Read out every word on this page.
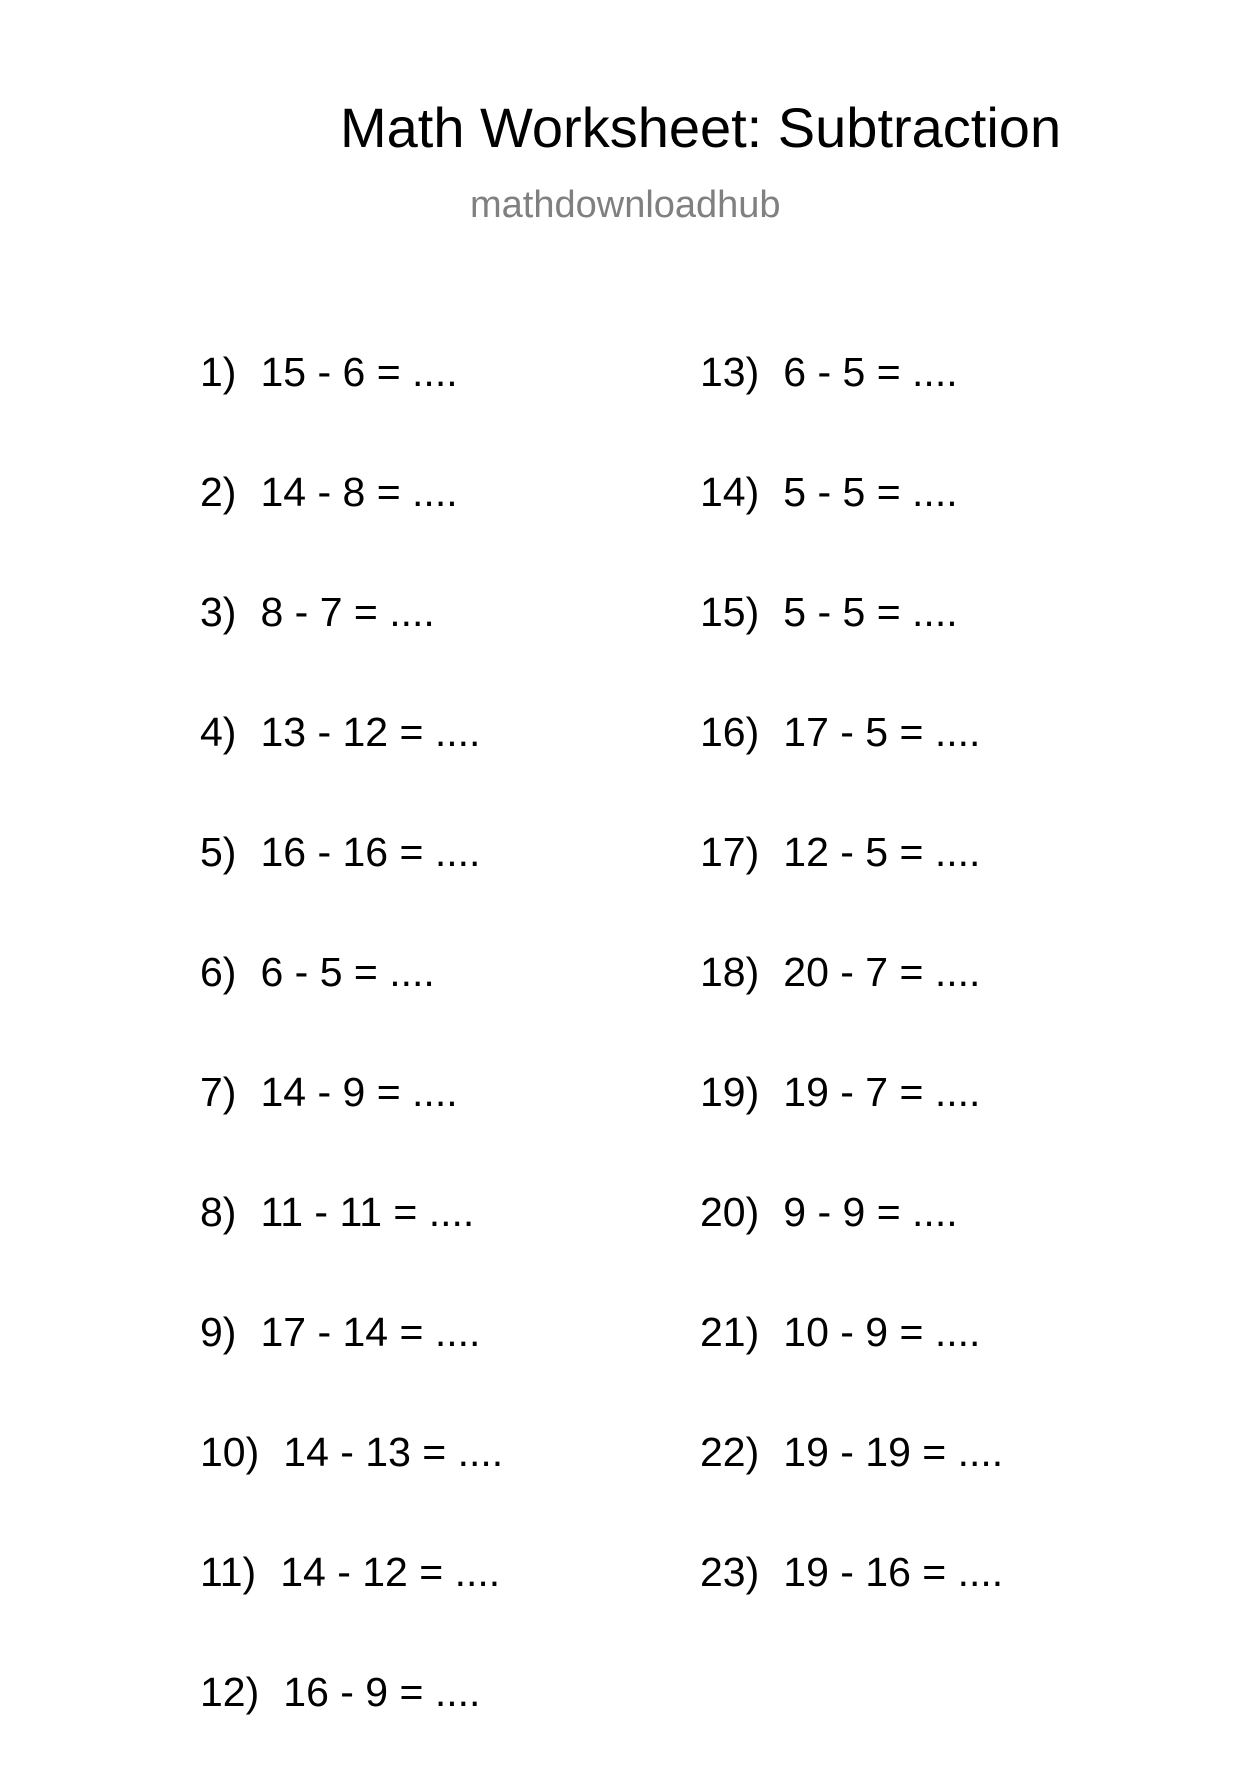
Math Worksheet: Subtraction
mathdownloadhub
1) 15 - 6 = ....
2) 14 - 8 = ....
3) 8 - 7 = ....
4) 13 - 12 = ....
5) 16 - 16 = ....
6) 6 - 5 = ....
7) 14 - 9 = ....
8) 11 - 11 = ....
9) 17 - 14 = ....
10) 14 - 13 = ....
11) 14 - 12 = ....
12) 16 - 9 = ....
13) 6 - 5 = ....
14) 5 - 5 = ....
15) 5 - 5 = ....
16) 17 - 5 = ....
17) 12 - 5 = ....
18) 20 - 7 = ....
19) 19 - 7 = ....
20) 9 - 9 = ....
21) 10 - 9 = ....
22) 19 - 19 = ....
23) 19 - 16 = ....
